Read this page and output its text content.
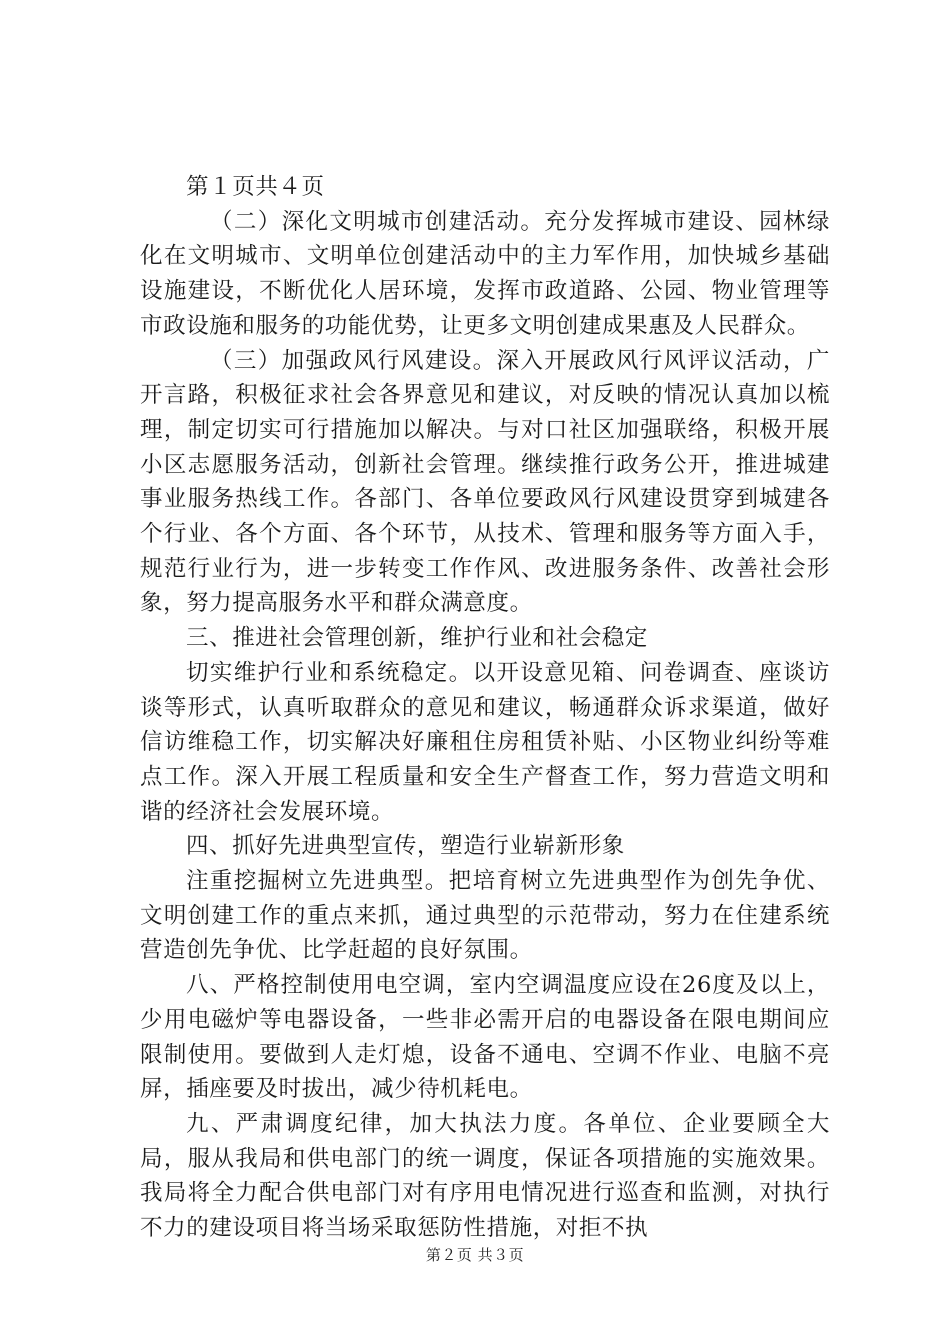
第１页共４页

（二）深化文明城市创建活动。充分发挥城市建设、园林绿化在文明城市、文明单位创建活动中的主力军作用，加快城乡基础设施建设，不断优化人居环境，发挥市政道路、公园、物业管理等市政设施和服务的功能优势，让更多文明创建成果惠及人民群众。

（三）加强政风行风建设。深入开展政风行风评议活动，广开言路，积极征求社会各界意见和建议，对反映的情况认真加以梳理，制定切实可行措施加以解决。与对口社区加强联络，积极开展小区志愿服务活动，创新社会管理。继续推行政务公开，推进城建事业服务热线工作。各部门、各单位要政风行风建设贯穿到城建各个行业、各个方面、各个环节，从技术、管理和服务等方面入手，规范行业行为，进一步转变工作作风、改进服务条件、改善社会形象，努力提高服务水平和群众满意度。

三、推进社会管理创新，维护行业和社会稳定

切实维护行业和系统稳定。以开设意见箱、问卷调查、座谈访谈等形式，认真听取群众的意见和建议，畅通群众诉求渠道，做好信访维稳工作，切实解决好廉租住房租赁补贴、小区物业纠纷等难点工作。深入开展工程质量和安全生产督查工作，努力营造文明和谐的经济社会发展环境。

四、抓好先进典型宣传，塑造行业崭新形象

注重挖掘树立先进典型。把培育树立先进典型作为创先争优、文明创建工作的重点来抓，通过典型的示范带动，努力在住建系统营造创先争优、比学赶超的良好氛围。

八、严格控制使用电空调，室内空调温度应设在26度及以上，少用电磁炉等电器设备，一些非必需开启的电器设备在限电期间应限制使用。要做到人走灯熄，设备不通电、空调不作业、电脑不亮屏，插座要及时拔出，减少待机耗电。

九、严肃调度纪律，加大执法力度。各单位、企业要顾全大局，服从我局和供电部门的统一调度，保证各项措施的实施效果。我局将全力配合供电部门对有序用电情况进行巡查和监测，对执行不力的建设项目将当场采取惩防性措施，对拒不执

第２页 共３页
